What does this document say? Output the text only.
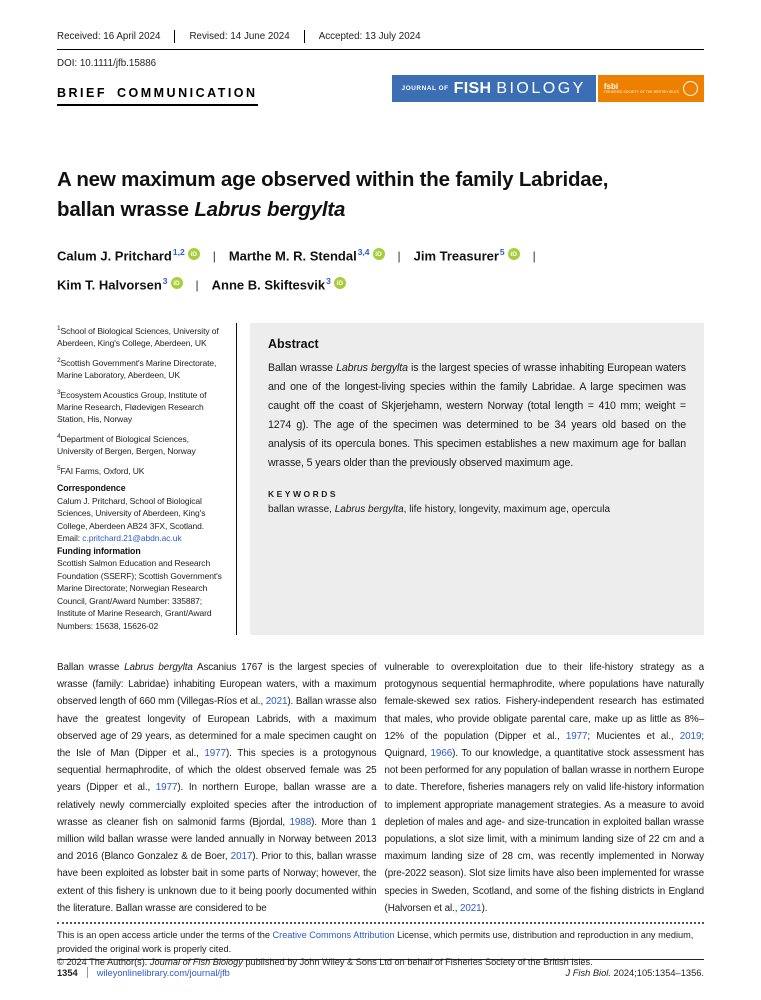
Received: 16 April 2024	Revised: 14 June 2024	Accepted: 13 July 2024
DOI: 10.1111/jfb.15886
JOURNAL OF FISH BIOLOGY fsbi
FISHERIES SOCIETY OF THE BRITISH ISLES
BRIEF COMMUNICATION
A new maximum age observed within the family Labridae,
ballan wrasse Labrus bergylta
Calum J. Pritchard$^{1,2}$ iD | Marthe M. R. Stendal$^{3,4}$ iD | Jim Treasurer$^5$ iD |
Kim T. Halvorsen$^3$ iD | Anne B. Skiftesvik$^3$ iD

$^1$School of Biological Sciences, University of Aberdeen, King's College, Aberdeen, UK

$^2$Scottish Government's Marine Directorate, Marine Laboratory, Aberdeen, UK

$^3$Ecosystem Acoustics Group, Institute of Marine Research, Flødevigen Research Station, His, Norway

$^4$Department of Biological Sciences, University of Bergen, Bergen, Norway

$^5$FAI Farms, Oxford, UK

Correspondence

Calum J. Pritchard, School of Biological Sciences, University of Aberdeen, King's College, Aberdeen AB24 3FX, Scotland.

Email: c.pritchard.21@abdn.ac.uk

Funding information

Scottish Salmon Education and Research Foundation (SSERF); Scottish Government's Marine Directorate; Norwegian Research Council, Grant/Award Number: 335887; Institute of Marine Research, Grant/Award Numbers: 15638, 15626-02

Abstract

Ballan wrasse Labrus bergylta is the largest species of wrasse inhabiting European waters and one of the longest-living species within the family Labridae. A large specimen was caught off the coast of Skjerjehamn, western Norway (total length = 410 mm; weight = 1274 g). The age of the specimen was determined to be 34 years old based on the analysis of its opercula bones. This specimen establishes a new maximum age for ballan wrasse, 5 years older than the previously observed maximum age.

KEYWORDS

ballan wrasse, Labrus bergylta, life history, longevity, maximum age, opercula

Ballan wrasse Labrus bergylta Ascanius 1767 is the largest species of wrasse (family: Labridae) inhabiting European waters, with a maximum observed length of 660 mm (Villegas-Ríos et al., 2021). Ballan wrasse also have the greatest longevity of European Labrids, with a maximum observed age of 29 years, as determined for a male specimen caught on the Isle of Man (Dipper et al., 1977). This species is a protogynous sequential hermaphrodite, of which the oldest observed female was 25 years (Dipper et al., 1977). In northern Europe, ballan wrasse are a relatively newly commercially exploited species after the introduction of wrasse as cleaner fish on salmonid farms (Bjordal, 1988). More than 1 million wild ballan wrasse were landed annually in Norway between 2013 and 2016 (Blanco Gonzalez & de Boer, 2017). Prior to this, ballan wrasse have been exploited as lobster bait in some parts of Norway; however, the extent of this fishery is unknown due to it being poorly documented within the literature. Ballan wrasse are considered to be
vulnerable to overexploitation due to their life-history strategy as a protogynous sequential hermaphrodite, where populations have naturally female-skewed sex ratios. Fishery-independent research has estimated that males, who provide obligate parental care, make up as little as 8%–12% of the population (Dipper et al., 1977; Mucientes et al., 2019; Quignard, 1966). To our knowledge, a quantitative stock assessment has not been performed for any population of ballan wrasse in northern Europe to date. Therefore, fisheries managers rely on valid life-history information to implement appropriate management strategies. As a measure to avoid depletion of males and age- and size-truncation in exploited ballan wrasse populations, a slot size limit, with a minimum landing size of 22 cm and a maximum landing size of 28 cm, was recently implemented in Norway (pre-2022 season). Slot size limits have also been implemented for wrasse species in Sweden, Scotland, and some of the fishing districts in England (Halvorsen et al., 2021).

This is an open access article under the terms of the Creative Commons Attribution License, which permits use, distribution and reproduction in any medium, provided the original work is properly cited.

© 2024 The Author(s). Journal of Fish Biology published by John Wiley & Sons Ltd on behalf of Fisheries Society of the British Isles.

1354 wileyonlinelibrary.com/journal/jfb	J Fish Biol. 2024;105:1354–1356.
